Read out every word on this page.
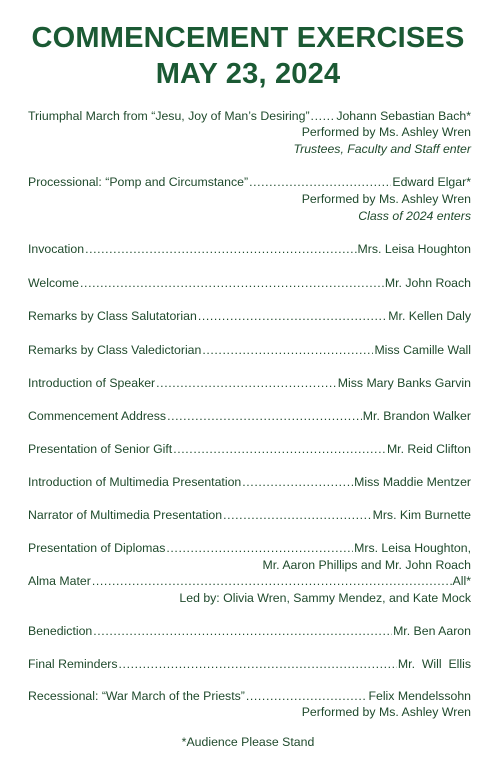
COMMENCEMENT EXERCISES
MAY 23, 2024
Triumphal March from “Jesu, Joy of Man’s Desiring” ..... Johann Sebastian Bach*
Performed by Ms. Ashley Wren
Trustees, Faculty and Staff enter
Processional: “Pomp and Circumstance” .....	Edward Elgar*
Performed by Ms. Ashley Wren
Class of 2024 enters
Invocation .....	Mrs. Leisa Houghton
Welcome .....	Mr. John Roach
Remarks by Class Salutatorian .....	Mr. Kellen Daly
Remarks by Class Valedictorian .....	Miss Camille Wall
Introduction of Speaker .....	Miss Mary Banks Garvin
Commencement Address .....	Mr. Brandon Walker
Presentation of Senior Gift .....	Mr. Reid Clifton
Introduction of Multimedia Presentation .....	Miss Maddie Mentzer
Narrator of Multimedia Presentation .....	Mrs. Kim Burnette
Presentation of Diplomas .....	Mrs. Leisa Houghton,
Mr. Aaron Phillips and Mr. John Roach
Alma Mater .....	All*
Led by: Olivia Wren, Sammy Mendez, and Kate Mock
Benediction .....	Mr. Ben Aaron
Final Reminders .....	Mr.  Will  Ellis
Recessional: “War March of the Priests” .....	Felix Mendelssohn
Performed by Ms. Ashley Wren
*Audience Please Stand
